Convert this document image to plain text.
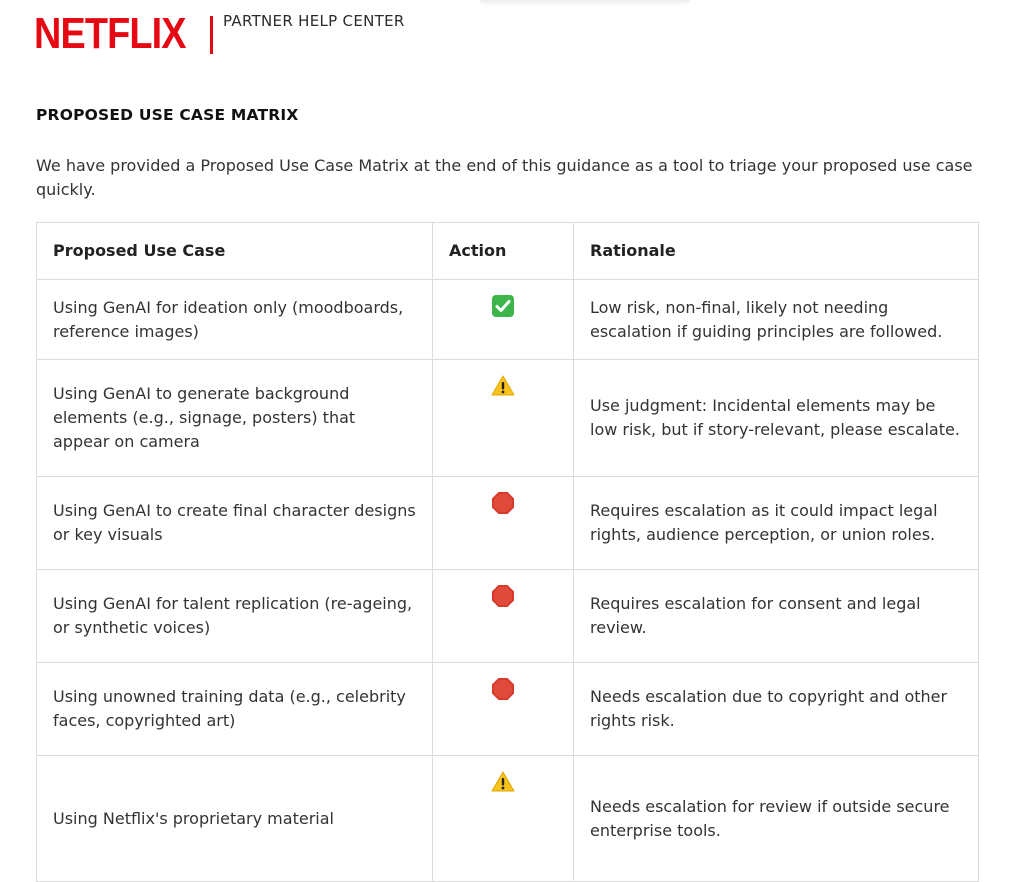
NETFLIX PARTNER HELP CENTER
PROPOSED USE CASE MATRIX

We have provided a Proposed Use Case Matrix at the end of this guidance as a tool to triage your proposed use case quickly.

Proposed Use Case	Action	Rationale
Using GenAI for ideation only (moodboards, reference images)		Low risk, non-final, likely not needing escalation if guiding principles are followed.
Using GenAI to generate background elements (e.g., signage, posters) that appear on camera		Use judgment: Incidental elements may be low risk, but if story-relevant, please escalate.
Using GenAI to create final character designs or key visuals		Requires escalation as it could impact legal rights, audience perception, or union roles.
Using GenAI for talent replication (re-ageing, or synthetic voices)		Requires escalation for consent and legal review.
Using unowned training data (e.g., celebrity faces, copyrighted art)		Needs escalation due to copyright and other rights risk.
Using Netflix's proprietary material		Needs escalation for review if outside secure enterprise tools.
